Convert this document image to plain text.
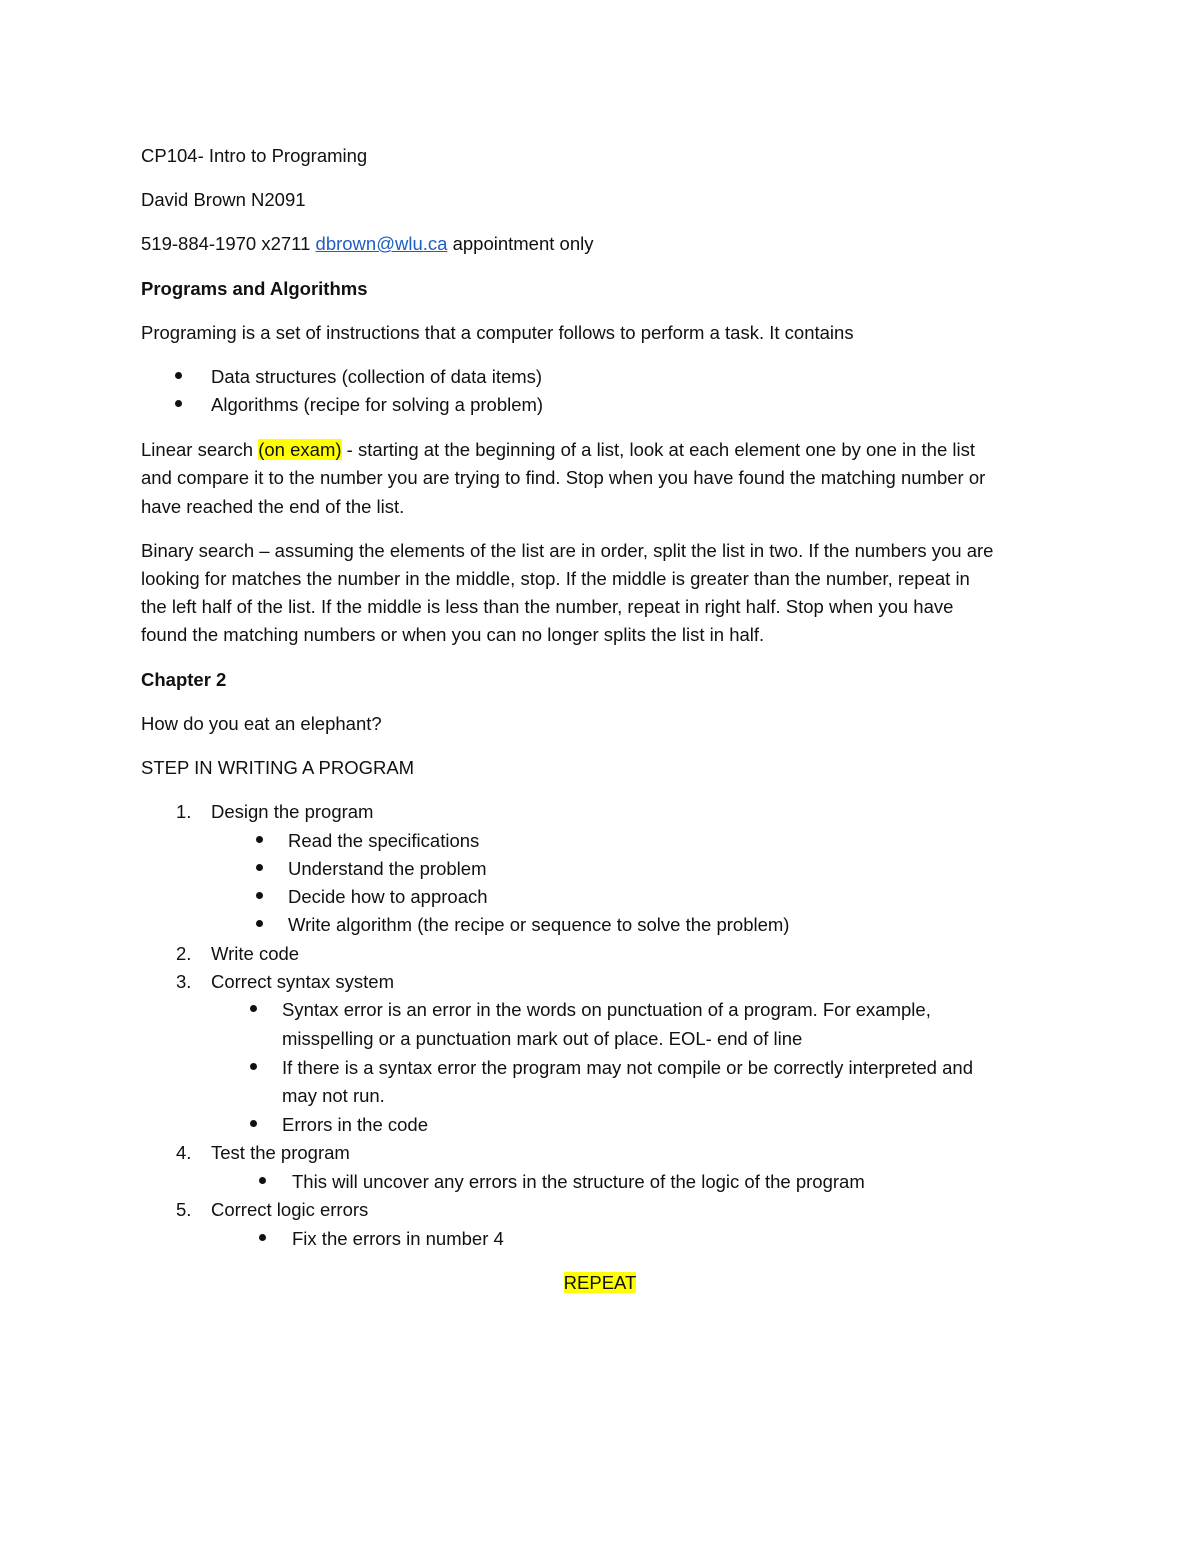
CP104- Intro to Programing
David Brown N2091
519-884-1970 x2711 dbrown@wlu.ca appointment only
Programs and Algorithms
Programing is a set of instructions that a computer follows to perform a task. It contains
Data structures (collection of data items)
Algorithms (recipe for solving a problem)
Linear search (on exam) - starting at the beginning of a list, look at each element one by one in the list
and compare it to the number you are trying to find. Stop when you have found the matching number or
have reached the end of the list.
Binary search – assuming the elements of the list are in order, split the list in two. If the numbers you are
looking for matches the number in the middle, stop. If the middle is greater than the number, repeat in
the left half of the list. If the middle is less than the number, repeat in right half. Stop when you have
found the matching numbers or when you can no longer splits the list in half.
Chapter 2
How do you eat an elephant?
STEP IN WRITING A PROGRAM
1. Design the program
Read the specifications
Understand the problem
Decide how to approach
Write algorithm (the recipe or sequence to solve the problem)
2. Write code
3. Correct syntax system
Syntax error is an error in the words on punctuation of a program. For example,
misspelling or a punctuation mark out of place. EOL- end of line
If there is a syntax error the program may not compile or be correctly interpreted and
may not run.
Errors in the code
4. Test the program
This will uncover any errors in the structure of the logic of the program
5. Correct logic errors
Fix the errors in number 4
REPEAT
